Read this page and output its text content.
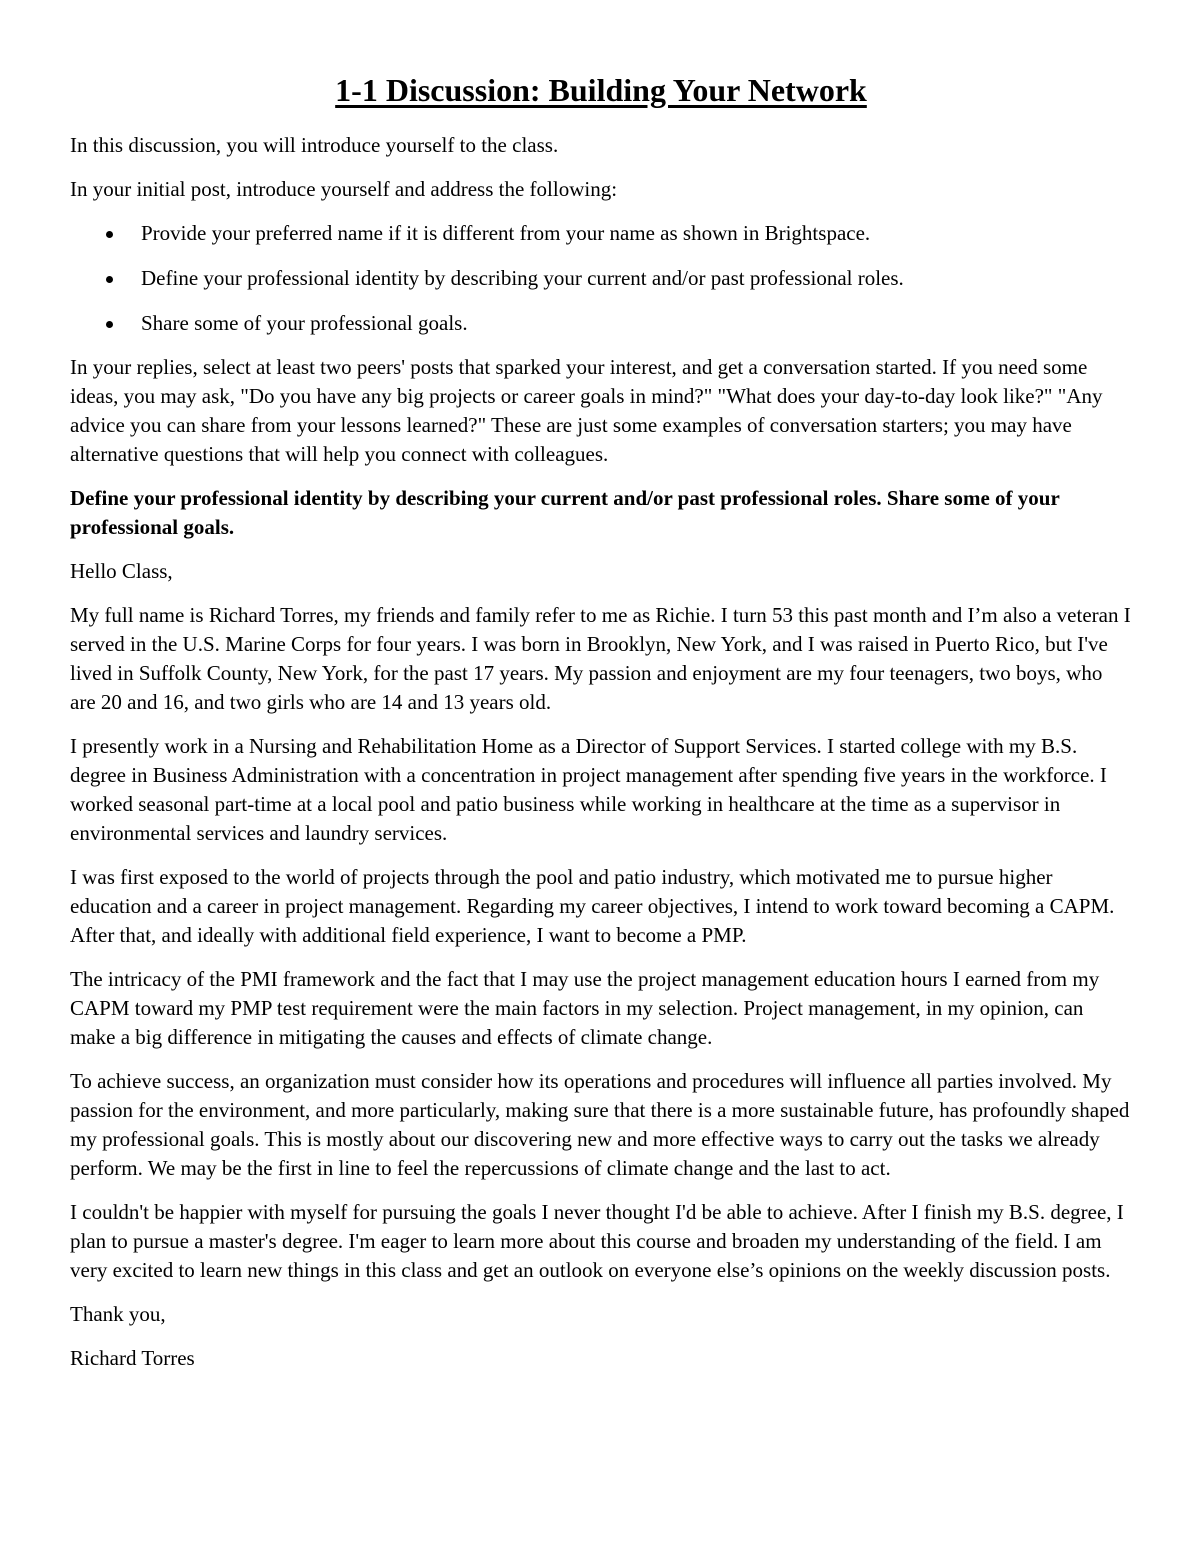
1-1 Discussion: Building Your Network

In this discussion, you will introduce yourself to the class.

In your initial post, introduce yourself and address the following:

Provide your preferred name if it is different from your name as shown in Brightspace.
Define your professional identity by describing your current and/or past professional roles.
Share some of your professional goals.

In your replies, select at least two peers' posts that sparked your interest, and get a conversation started. If you need some ideas, you may ask, "Do you have any big projects or career goals in mind?" "What does your day-to-day look like?" "Any advice you can share from your lessons learned?" These are just some examples of conversation starters; you may have alternative questions that will help you connect with colleagues.

Define your professional identity by describing your current and/or past professional roles. Share some of your professional goals.

Hello Class,

My full name is Richard Torres, my friends and family refer to me as Richie. I turn 53 this past month and I’m also a veteran I served in the U.S. Marine Corps for four years. I was born in Brooklyn, New York, and I was raised in Puerto Rico, but I've lived in Suffolk County, New York, for the past 17 years. My passion and enjoyment are my four teenagers, two boys, who are 20 and 16, and two girls who are 14 and 13 years old.

I presently work in a Nursing and Rehabilitation Home as a Director of Support Services. I started college with my B.S. degree in Business Administration with a concentration in project management after spending five years in the workforce. I worked seasonal part-time at a local pool and patio business while working in healthcare at the time as a supervisor in environmental services and laundry services.

I was first exposed to the world of projects through the pool and patio industry, which motivated me to pursue higher education and a career in project management. Regarding my career objectives, I intend to work toward becoming a CAPM. After that, and ideally with additional field experience, I want to become a PMP.

The intricacy of the PMI framework and the fact that I may use the project management education hours I earned from my CAPM toward my PMP test requirement were the main factors in my selection. Project management, in my opinion, can make a big difference in mitigating the causes and effects of climate change.

To achieve success, an organization must consider how its operations and procedures will influence all parties involved. My passion for the environment, and more particularly, making sure that there is a more sustainable future, has profoundly shaped my professional goals. This is mostly about our discovering new and more effective ways to carry out the tasks we already perform. We may be the first in line to feel the repercussions of climate change and the last to act.

I couldn't be happier with myself for pursuing the goals I never thought I'd be able to achieve. After I finish my B.S. degree, I plan to pursue a master's degree. I'm eager to learn more about this course and broaden my understanding of the field. I am very excited to learn new things in this class and get an outlook on everyone else’s opinions on the weekly discussion posts.

Thank you,

Richard Torres
